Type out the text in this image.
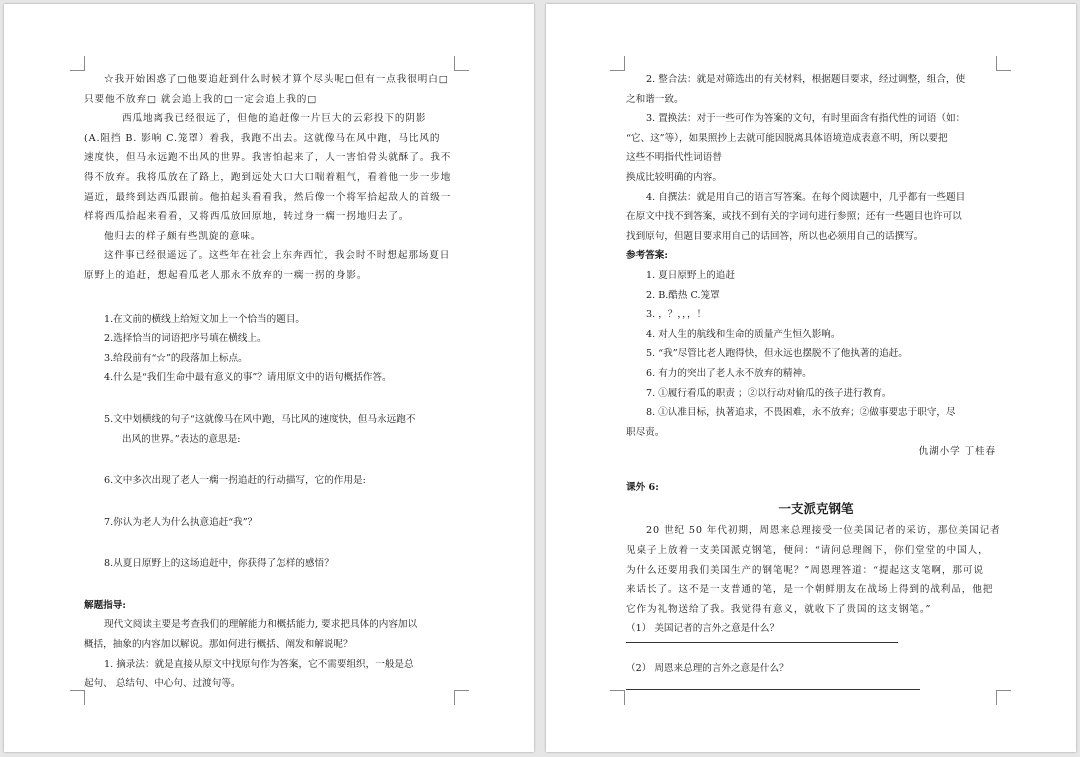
☆我开始困惑了□他要追赶到什么时候才算个尽头呢□但有一点我很明白□
只要他不放弃□ 就会追上我的□一定会追上我的□
西瓜地离我已经很远了，但他的追赶像一片巨大的云彩投下的阴影
(A.阻挡 B. 影响 C.笼罩）着我，我跑不出去。这就像马在风中跑，马比风的
速度快，但马永远跑不出风的世界。我害怕起来了，人一害怕骨头就酥了。我不
得不放弃。我将瓜放在了路上，跑到远处大口大口喘着粗气，看着他一步一步地
逼近，最终到达西瓜跟前。他拍起头看看我，然后像一个将军拾起敌人的首级一
样将西瓜拾起来看看，又将西瓜放回原地，转过身一瘸一拐地归去了。
他归去的样子颇有些凯旋的意味。
这件事已经很遥远了。这些年在社会上东奔西忙，我会时不时想起那场夏日
原野上的追赶，想起看瓜老人那永不放弃的一瘸一拐的身影。
1.在文前的横线上给短文加上一个恰当的题目。
2.选择恰当的词语把序号填在横线上。
3.给段前有“☆”的段落加上标点。
4.什么是“我们生命中最有意义的事”？请用原文中的语句概括作答。
5.文中划横线的句子“这就像马在风中跑，马比风的速度快，但马永远跑不
出风的世界。”表达的意思是:
6.文中多次出现了老人一瘸一拐追赶的行动描写，它的作用是:
7.你认为老人为什么执意追赶“我”？
8.从夏日原野上的这场追赶中，你获得了怎样的感悟？
解题指导:
现代文阅读主要是考查我们的理解能力和概括能力, 要求把具体的内容加以
概括，抽象的内容加以解说。那如何进行概括、阐发和解说呢？
1. 摘录法：就是直接从原文中找原句作为答案，它不需要组织，一般是总
起句、 总结句、中心句、过渡句等。
2. 整合法：就是对筛选出的有关材料，根据题目要求，经过调整，组合，使
之和谐一致。
3. 置换法：对于一些可作为答案的文句，有时里面含有指代性的词语（如：
“它、这”等），如果照抄上去就可能因脱离具体语境造成表意不明，所以要把
这些不明指代性词语替
换成比较明确的内容。
4. 自撰法：就是用自己的语言写答案。在每个阅读题中，几乎都有一些题目
在原文中找不到答案，或找不到有关的字词句进行参照；还有一些题目也许可以
找到原句，但题目要求用自己的话回答，所以也必须用自己的话撰写。
参考答案:
1. 夏日原野上的追赶
2. B.酷热 C.笼罩
3. ，？，，，！
4. 对人生的航线和生命的质量产生恒久影响。
5. “我”尽管比老人跑得快，但永远也摆脱不了他执著的追赶。
6. 有力的突出了老人永不放弃的精神。
7. ①履行看瓜的职责 ；②以行动对偷瓜的孩子进行教育。
8. ①认准目标，执著追求，不畏困难，永不放弃；②做事要忠于职守，尽
职尽责。
仇湖小学 丁桂春
课外 6:
一支派克钢笔
20 世纪 50 年代初期，周恩来总理接受一位美国记者的采访，那位美国记者
见桌子上放着一支美国派克钢笔，便问：“请问总理阁下，你们堂堂的中国人，
为什么还要用我们美国生产的钢笔呢？”周恩理答道：“提起这支笔啊，那可说
来话长了。这不是一支普通的笔，是一个朝鲜朋友在战场上得到的战利品，他把
它作为礼物送给了我。我觉得有意义，就收下了贵国的这支钢笔。”
（1） 美国记者的言外之意是什么？
（2） 周恩来总理的言外之意是什么？
